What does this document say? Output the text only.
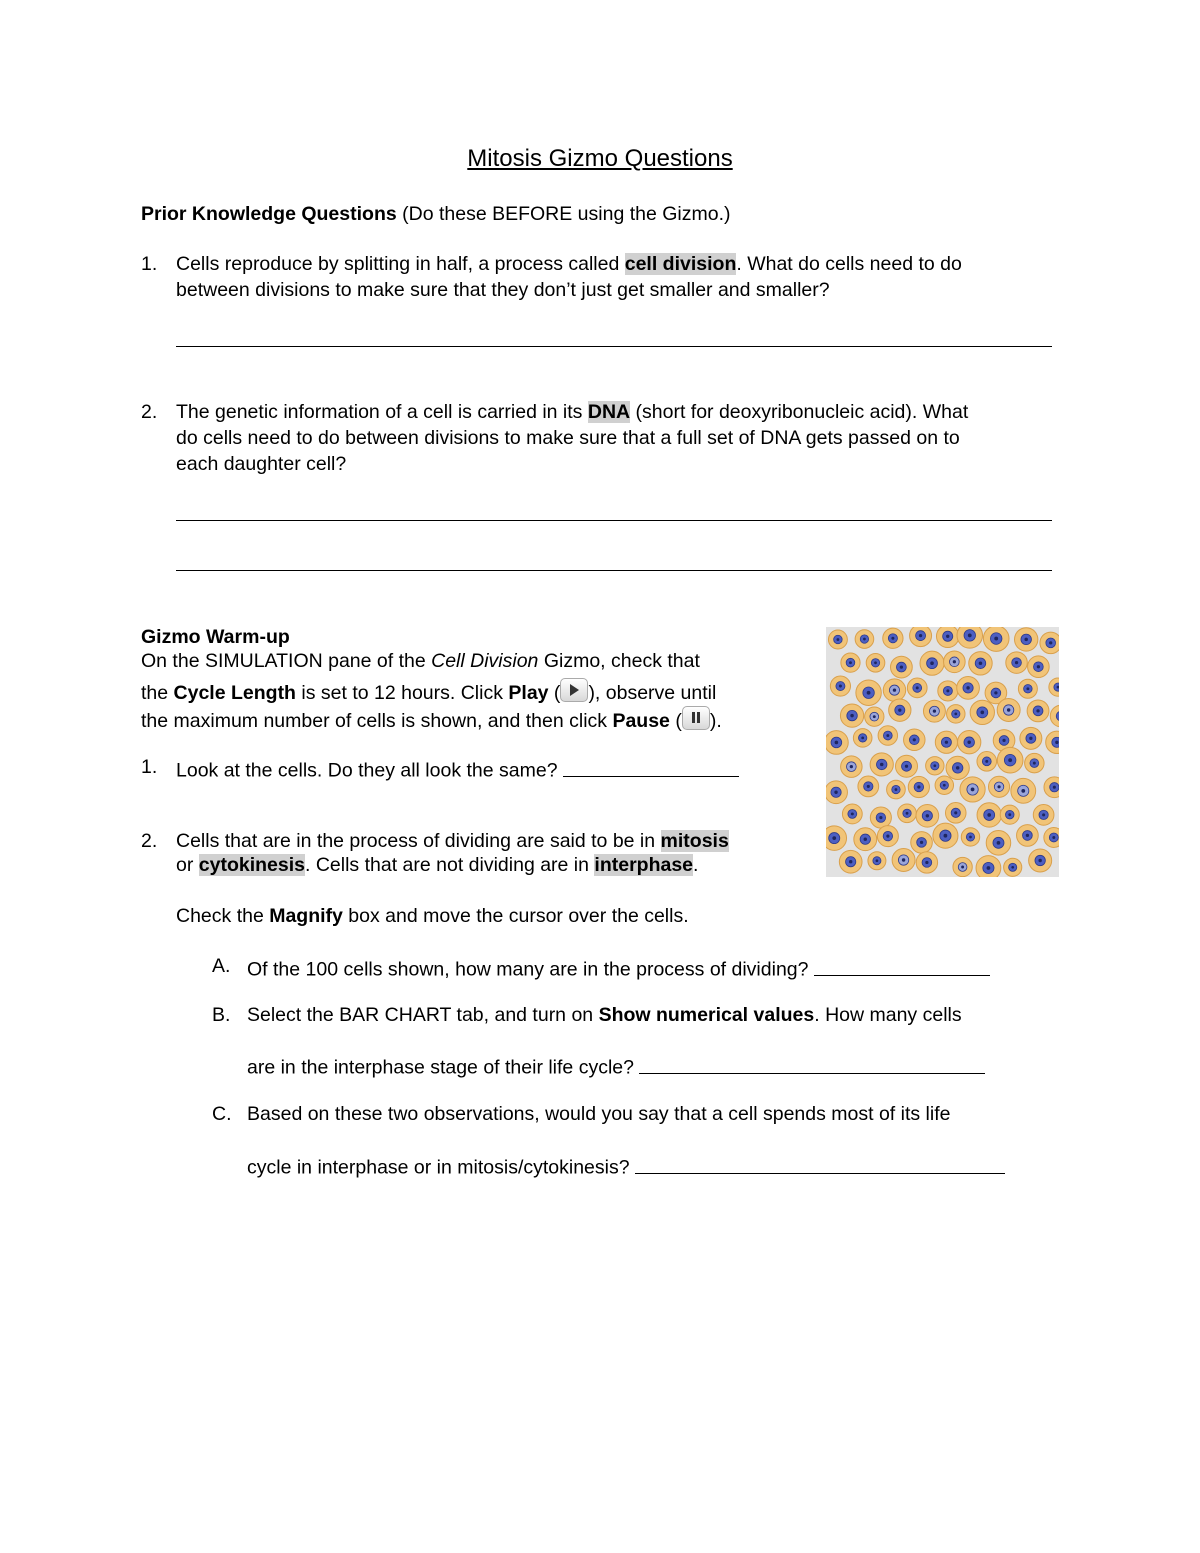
Mitosis Gizmo Questions
Prior Knowledge Questions (Do these BEFORE using the Gizmo.)
1. Cells reproduce by splitting in half, a process called cell division. What do cells need to do
between divisions to make sure that they don’t just get smaller and smaller?
2. The genetic information of a cell is carried in its DNA (short for deoxyribonucleic acid). What
do cells need to do between divisions to make sure that a full set of DNA gets passed on to
each daughter cell?
Gizmo Warm-up
On the SIMULATION pane of the Cell Division Gizmo, check that
the Cycle Length is set to 12 hours. Click Play ( ), observe until
the maximum number of cells is shown, and then click Pause ( ).
1. Look at the cells. Do they all look the same?
2. Cells that are in the process of dividing are said to be in mitosis
or cytokinesis. Cells that are not dividing are in interphase.
Check the Magnify box and move the cursor over the cells.
A. Of the 100 cells shown, how many are in the process of dividing?
B. Select the BAR CHART tab, and turn on Show numerical values. How many cells
are in the interphase stage of their life cycle?
C. Based on these two observations, would you say that a cell spends most of its life
cycle in interphase or in mitosis/cytokinesis?
